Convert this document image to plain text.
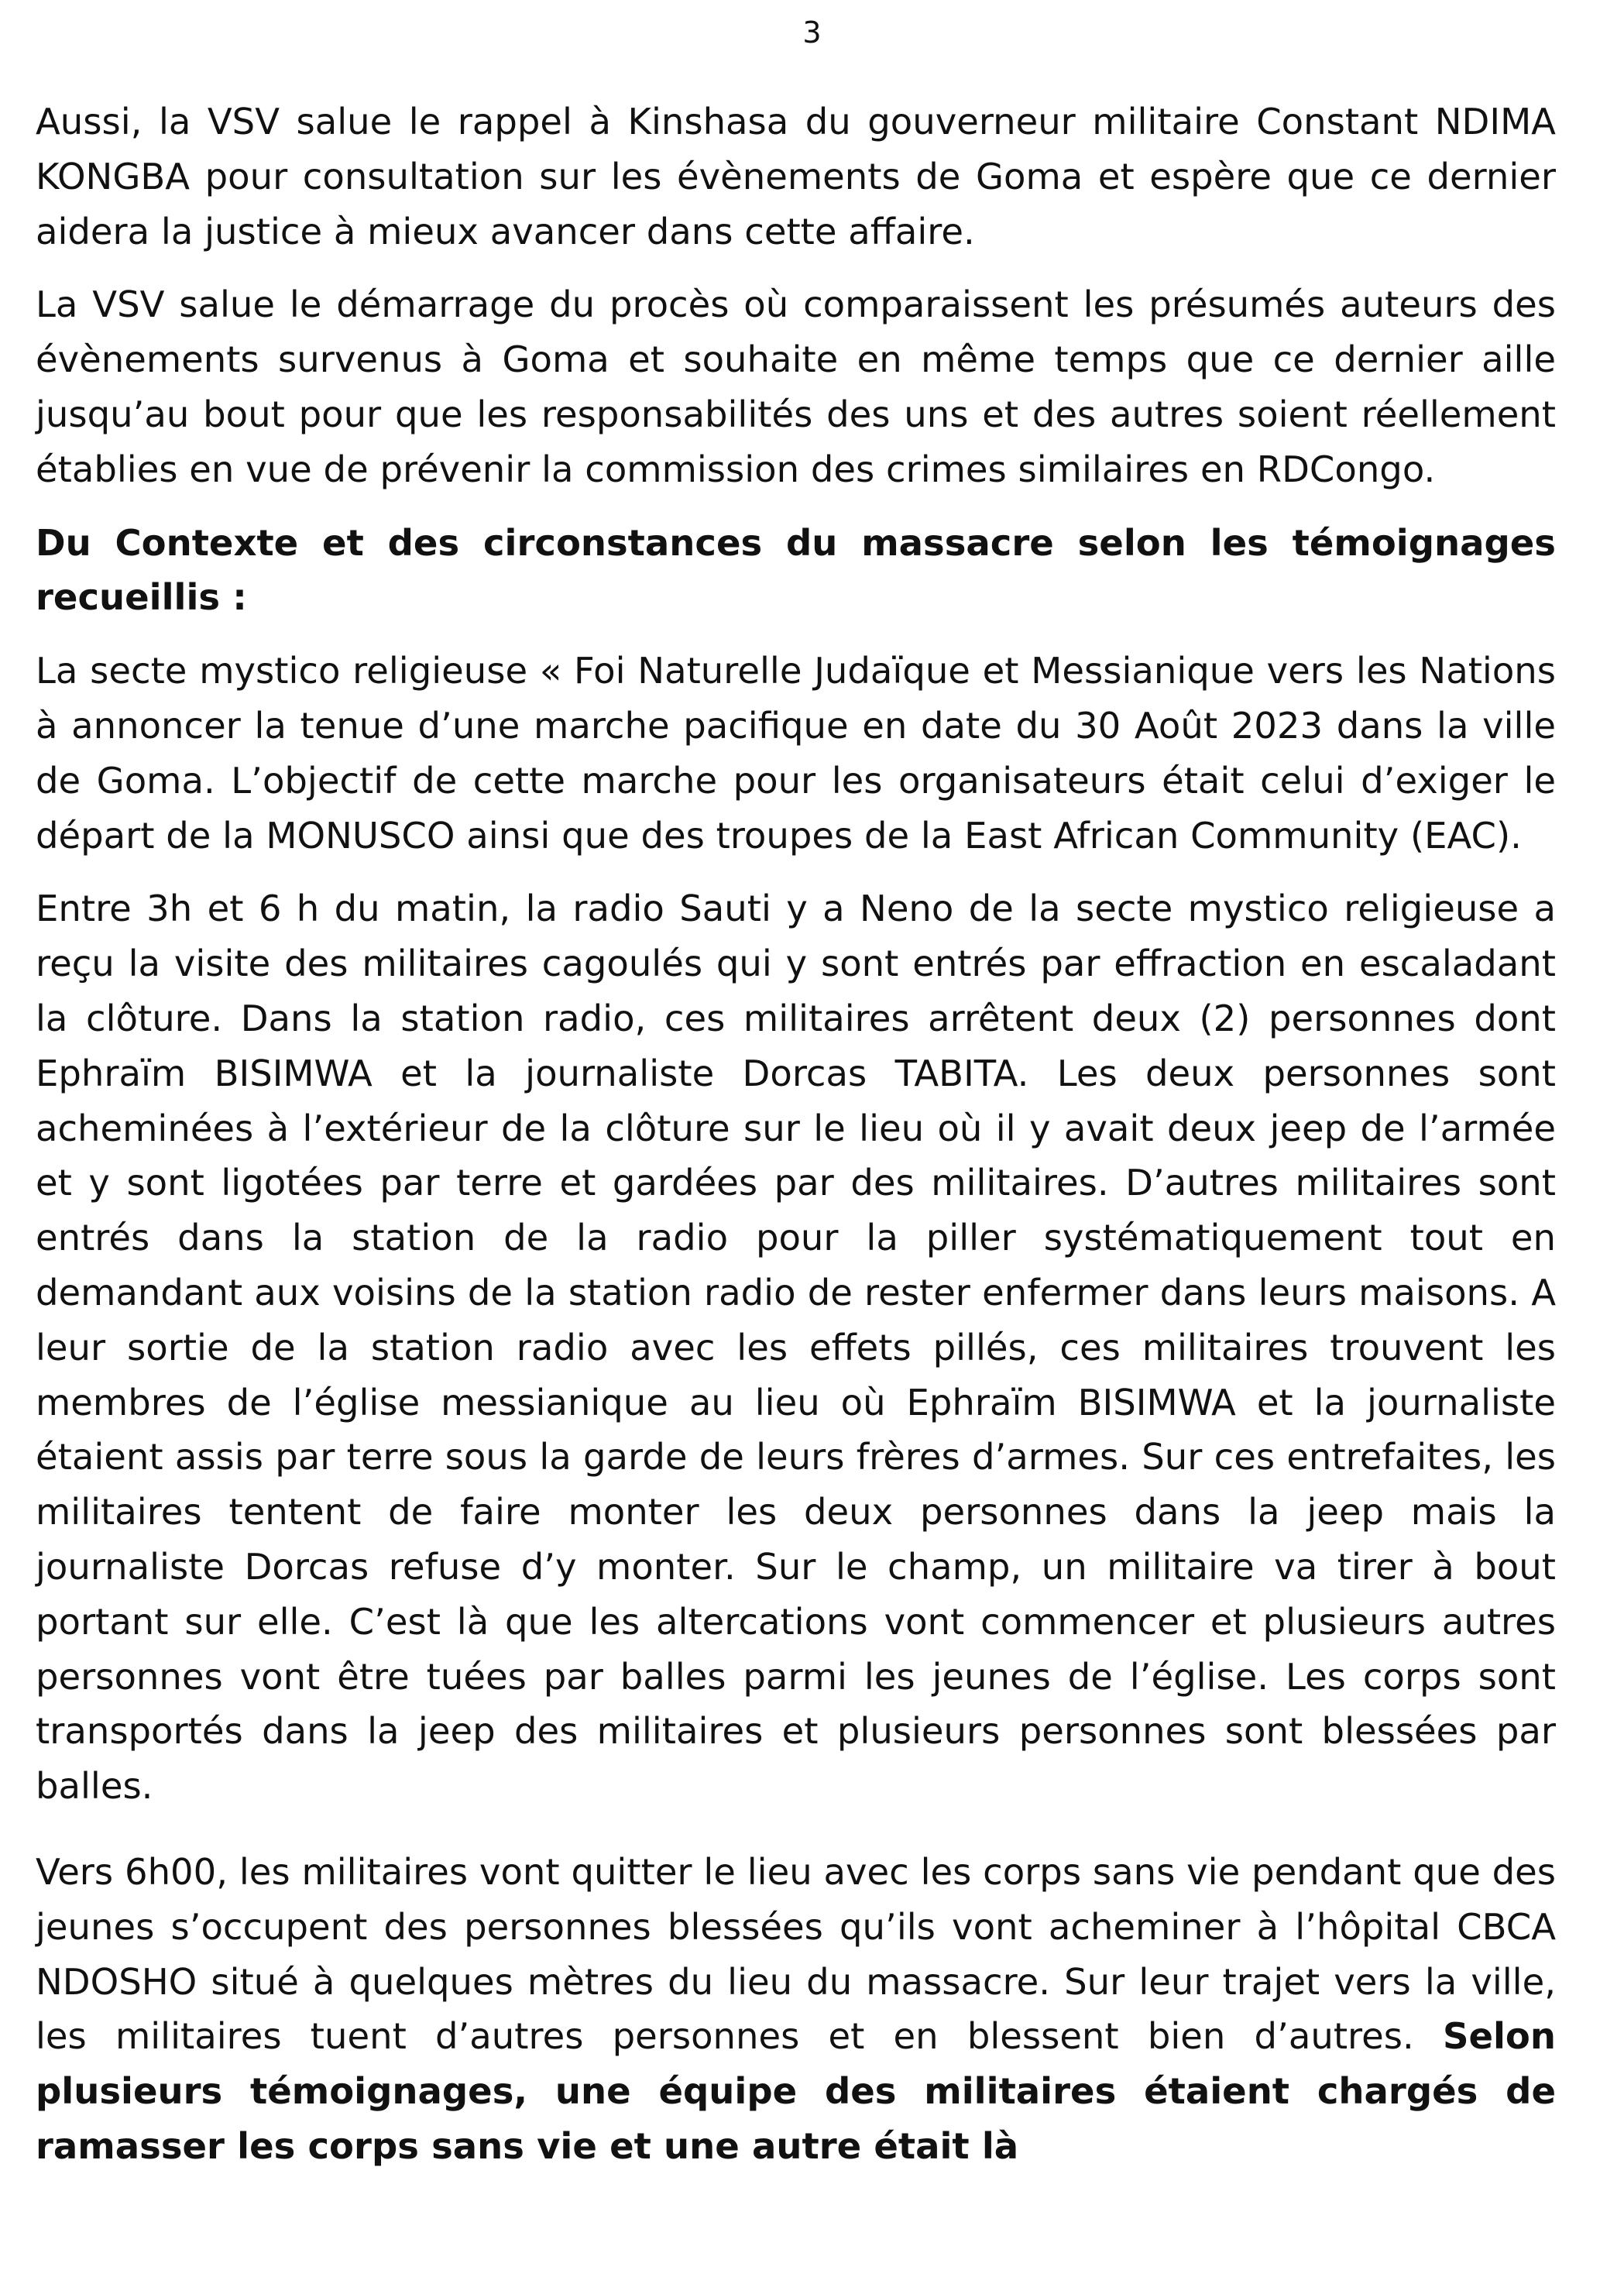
3

Aussi, la VSV salue le rappel à Kinshasa du gouverneur militaire Constant NDIMA KONGBA pour consultation sur les évènements de Goma et espère que ce dernier aidera la justice à mieux avancer dans cette affaire.

La VSV salue le démarrage du procès où comparaissent les présumés auteurs des évènements survenus à Goma et souhaite en même temps que ce dernier aille jusqu’au bout pour que les responsabilités des uns et des autres soient réellement établies en vue de prévenir la commission des crimes similaires en RDCongo.

Du Contexte et des circonstances du massacre selon les témoignages recueillis :

La secte mystico religieuse « Foi Naturelle Judaïque et Messianique vers les Nations à annoncer la tenue d’une marche pacifique en date du 30 Août 2023 dans la ville de Goma. L’objectif de cette marche pour les organisateurs était celui d’exiger le départ de la MONUSCO ainsi que des troupes de la East African Community (EAC).

Entre 3h et 6 h du matin, la radio Sauti y a Neno de la secte mystico religieuse a reçu la visite des militaires cagoulés qui y sont entrés par effraction en escaladant la clôture. Dans la station radio, ces militaires arrêtent deux (2) personnes dont Ephraïm BISIMWA et la journaliste Dorcas TABITA. Les deux personnes sont acheminées à l’extérieur de la clôture sur le lieu où il y avait deux jeep de l’armée et y sont ligotées par terre et gardées par des militaires. D’autres militaires sont entrés dans la station de la radio pour la piller systématiquement tout en demandant aux voisins de la station radio de rester enfermer dans leurs maisons. A leur sortie de la station radio avec les effets pillés, ces militaires trouvent les membres de l’église messianique au lieu où Ephraïm BISIMWA et la journaliste étaient assis par terre sous la garde de leurs frères d’armes. Sur ces entrefaites, les militaires tentent de faire monter les deux personnes dans la jeep mais la journaliste Dorcas refuse d’y monter. Sur le champ, un militaire va tirer à bout portant sur elle. C’est là que les altercations vont commencer et plusieurs autres personnes vont être tuées par balles parmi les jeunes de l’église. Les corps sont transportés dans la jeep des militaires et plusieurs personnes sont blessées par balles.

Vers 6h00, les militaires vont quitter le lieu avec les corps sans vie pendant que des jeunes s’occupent des personnes blessées qu’ils vont acheminer à l’hôpital CBCA NDOSHO situé à quelques mètres du lieu du massacre. Sur leur trajet vers la ville, les militaires tuent d’autres personnes et en blessent bien d’autres. Selon plusieurs témoignages, une équipe des militaires étaient chargés de ramasser les corps sans vie et une autre était là
